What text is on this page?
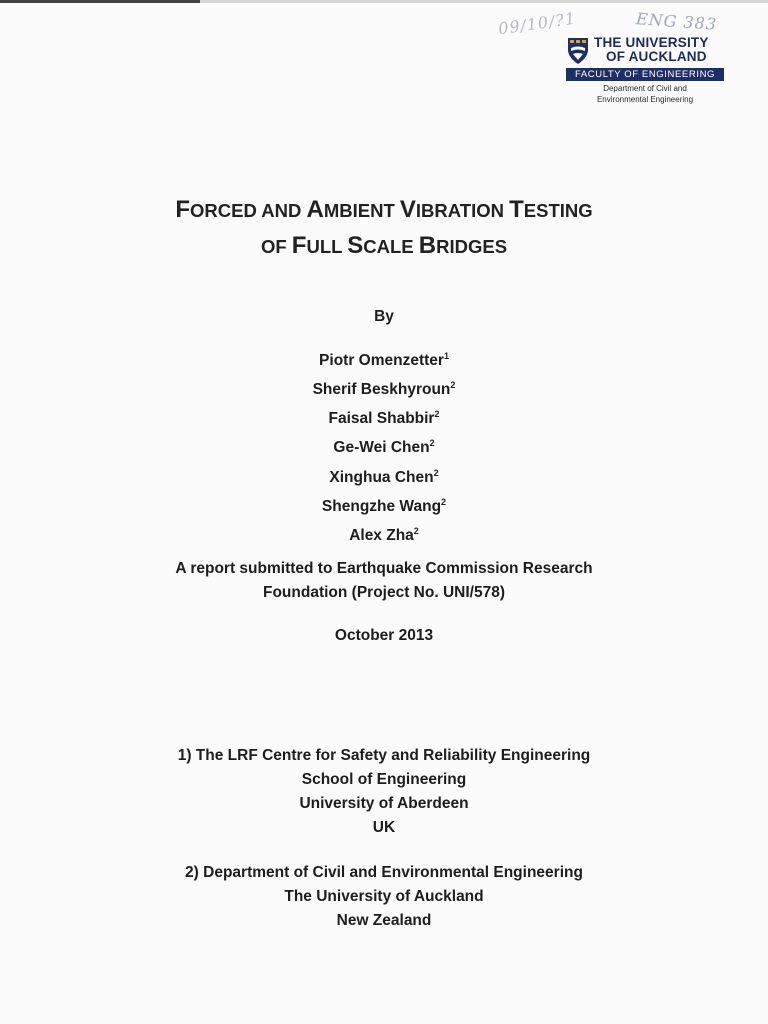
09/10/?1	ENG 383
THE UNIVERSITY
OF AUCKLAND
FACULTY OF ENGINEERING
Department of Civil and
Environmental Engineering
FORCED AND AMBIENT VIBRATION TESTING
OF FULL SCALE BRIDGES
By
Piotr Omenzetter$^1$
Sherif Beskhyroun$^2$
Faisal Shabbir$^2$
Ge-Wei Chen$^2$
Xinghua Chen$^2$
Shengzhe Wang$^2$
Alex Zha$^2$
A report submitted to Earthquake Commission Research
Foundation (Project No. UNI/578)
October 2013
1) The LRF Centre for Safety and Reliability Engineering
School of Engineering
University of Aberdeen
UK
2) Department of Civil and Environmental Engineering
The University of Auckland
New Zealand
